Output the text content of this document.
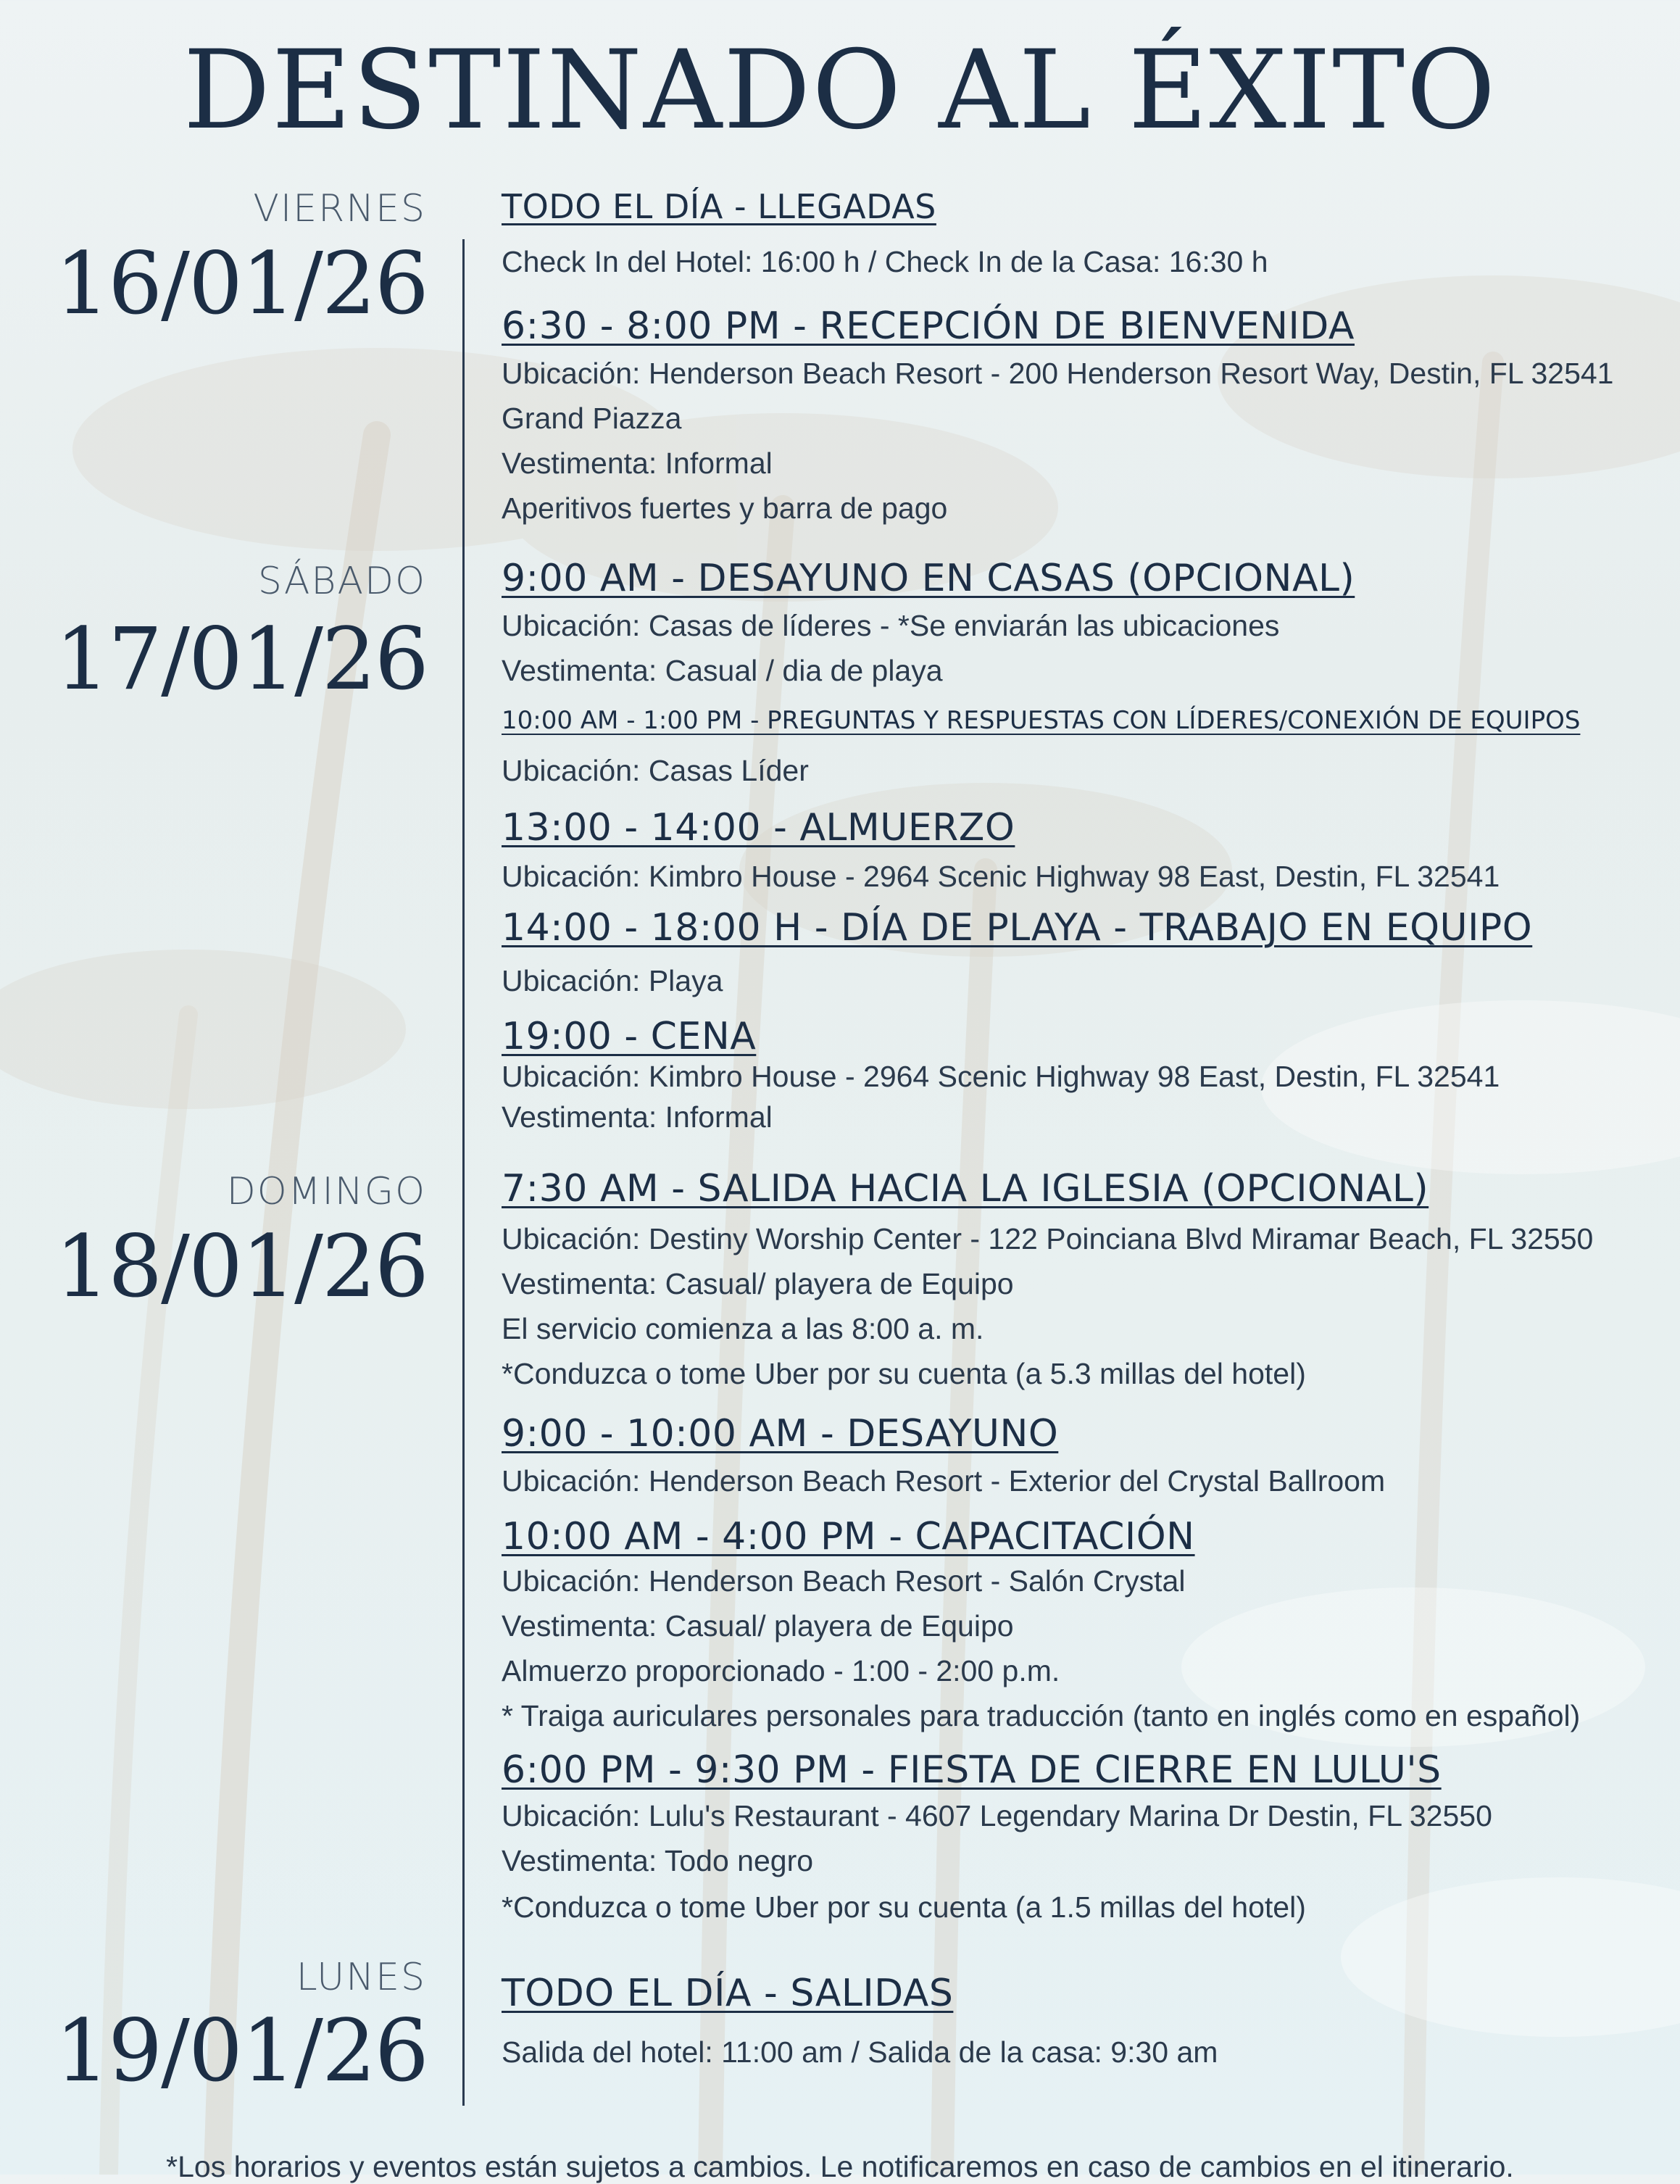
DESTINADO AL ÉXITO
VIERNES
16/01/26
TODO EL DÍA - LLEGADAS
Check In del Hotel: 16:00 h / Check In de la Casa: 16:30 h
6:30 - 8:00 PM - RECEPCIÓN DE BIENVENIDA
Ubicación: Henderson Beach Resort - 200 Henderson Resort Way, Destin, FL 32541
Grand Piazza
Vestimenta: Informal
Aperitivos fuertes y barra de pago
SÁBADO
17/01/26
9:00 AM - DESAYUNO EN CASAS (OPCIONAL)
Ubicación: Casas de líderes - *Se enviarán las ubicaciones
Vestimenta: Casual / dia de playa
10:00 AM - 1:00 PM - PREGUNTAS Y RESPUESTAS CON LÍDERES/CONEXIÓN DE EQUIPOS
Ubicación: Casas Líder
13:00 - 14:00 - ALMUERZO
Ubicación: Kimbro House - 2964 Scenic Highway 98 East, Destin, FL 32541
14:00 - 18:00 H - DÍA DE PLAYA - TRABAJO EN EQUIPO
Ubicación: Playa
19:00 - CENA
Ubicación: Kimbro House - 2964 Scenic Highway 98 East, Destin, FL 32541
Vestimenta: Informal
DOMINGO
18/01/26
7:30 AM - SALIDA HACIA LA IGLESIA (OPCIONAL)
Ubicación: Destiny Worship Center - 122 Poinciana Blvd Miramar Beach, FL 32550
Vestimenta: Casual/ playera de Equipo
El servicio comienza a las 8:00 a. m.
*Conduzca o tome Uber por su cuenta (a 5.3 millas del hotel)
9:00 - 10:00 AM - DESAYUNO
Ubicación: Henderson Beach Resort - Exterior del Crystal Ballroom
10:00 AM - 4:00 PM - CAPACITACIÓN
Ubicación: Henderson Beach Resort - Salón Crystal
Vestimenta: Casual/ playera de Equipo
Almuerzo proporcionado - 1:00 - 2:00 p.m.
* Traiga auriculares personales para traducción (tanto en inglés como en español)
6:00 PM - 9:30 PM - FIESTA DE CIERRE EN LULU'S
Ubicación: Lulu's Restaurant - 4607 Legendary Marina Dr Destin, FL 32550
Vestimenta: Todo negro
*Conduzca o tome Uber por su cuenta (a 1.5 millas del hotel)
LUNES
19/01/26
TODO EL DÍA - SALIDAS
Salida del hotel: 11:00 am / Salida de la casa: 9:30 am

*Los horarios y eventos están sujetos a cambios. Le notificaremos en caso de cambios en el itinerario.
